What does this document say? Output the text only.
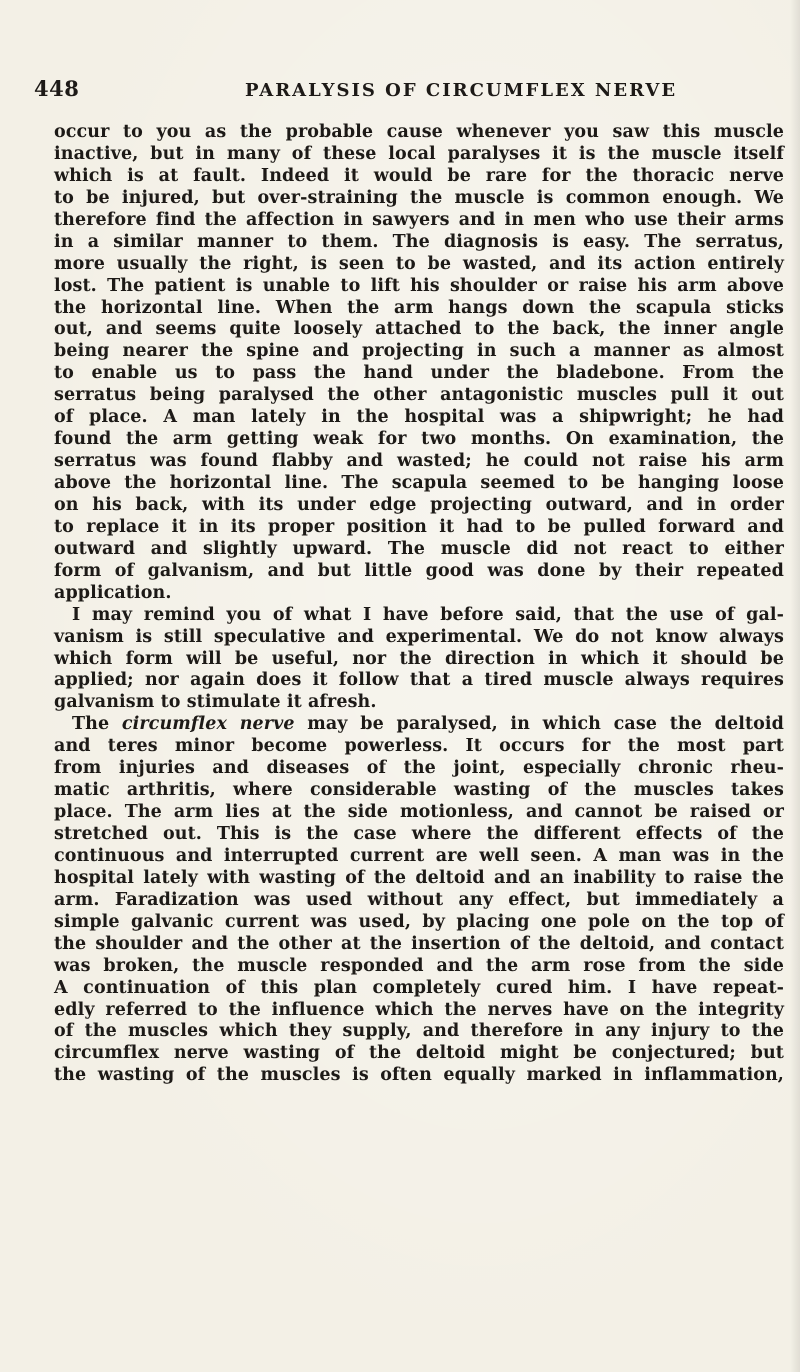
448	PARALYSIS OF CIRCUMFLEX NERVE
occur to you as the probable cause whenever you saw this muscle
inactive, but in many of these local paralyses it is the muscle itself
which is at fault. Indeed it would be rare for the thoracic nerve
to be injured, but over-straining the muscle is common enough. We
therefore find the affection in sawyers and in men who use their arms
in a similar manner to them. The diagnosis is easy. The serratus,
more usually the right, is seen to be wasted, and its action entirely
lost. The patient is unable to lift his shoulder or raise his arm above
the horizontal line. When the arm hangs down the scapula sticks
out, and seems quite loosely attached to the back, the inner angle
being nearer the spine and projecting in such a manner as almost
to enable us to pass the hand under the bladebone. From the
serratus being paralysed the other antagonistic muscles pull it out
of place. A man lately in the hospital was a shipwright; he had
found the arm getting weak for two months. On examination, the
serratus was found flabby and wasted; he could not raise his arm
above the horizontal line. The scapula seemed to be hanging loose
on his back, with its under edge projecting outward, and in order
to replace it in its proper position it had to be pulled forward and
outward and slightly upward. The muscle did not react to either
form of galvanism, and but little good was done by their repeated
application.
I may remind you of what I have before said, that the use of gal-
vanism is still speculative and experimental. We do not know always
which form will be useful, nor the direction in which it should be
applied; nor again does it follow that a tired muscle always requires
galvanism to stimulate it afresh.
The circumflex nerve may be paralysed, in which case the deltoid
and teres minor become powerless. It occurs for the most part
from injuries and diseases of the joint, especially chronic rheu-
matic arthritis, where considerable wasting of the muscles takes
place. The arm lies at the side motionless, and cannot be raised or
stretched out. This is the case where the different effects of the
continuous and interrupted current are well seen. A man was in the
hospital lately with wasting of the deltoid and an inability to raise the
arm. Faradization was used without any effect, but immediately a
simple galvanic current was used, by placing one pole on the top of
the shoulder and the other at the insertion of the deltoid, and contact
was broken, the muscle responded and the arm rose from the side
A continuation of this plan completely cured him. I have repeat-
edly referred to the influence which the nerves have on the integrity
of the muscles which they supply, and therefore in any injury to the
circumflex nerve wasting of the deltoid might be conjectured; but
the wasting of the muscles is often equally marked in inflammation,
